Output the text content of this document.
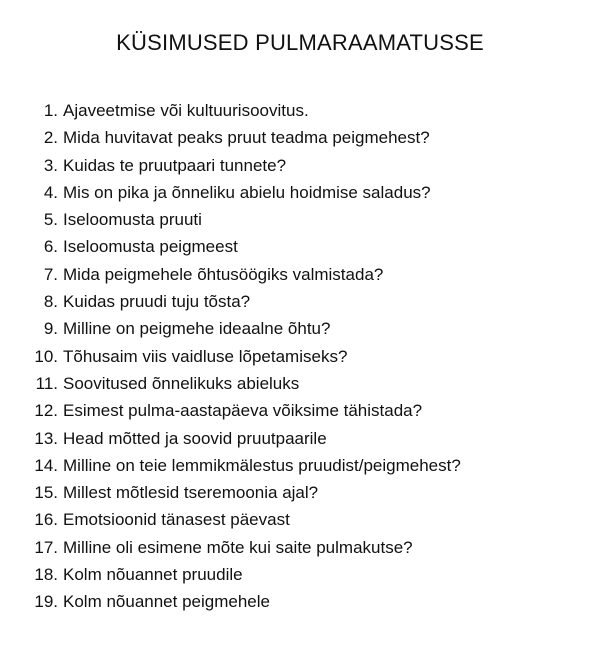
KÜSIMUSED PULMARAAMATUSSE
1. Ajaveetmise või kultuurisoovitus.
2. Mida huvitavat peaks pruut teadma peigmehest?
3. Kuidas te pruutpaari tunnete?
4. Mis on pika ja õnneliku abielu hoidmise saladus?
5. Iseloomusta pruuti
6. Iseloomusta peigmeest
7. Mida peigmehele õhtusöögiks valmistada?
8. Kuidas pruudi tuju tõsta?
9. Milline on peigmehe ideaalne õhtu?
10. Tõhusaim viis vaidluse lõpetamiseks?
11. Soovitused õnnelikuks abieluks
12. Esimest pulma-aastapäeva võiksime tähistada?
13. Head mõtted ja soovid pruutpaarile
14. Milline on teie lemmikmälestus pruudist/peigmehest?
15. Millest mõtlesid tseremoonia ajal?
16. Emotsioonid tänasest päevast
17. Milline oli esimene mõte kui saite pulmakutse?
18. Kolm nõuannet pruudile
19. Kolm nõuannet peigmehele
